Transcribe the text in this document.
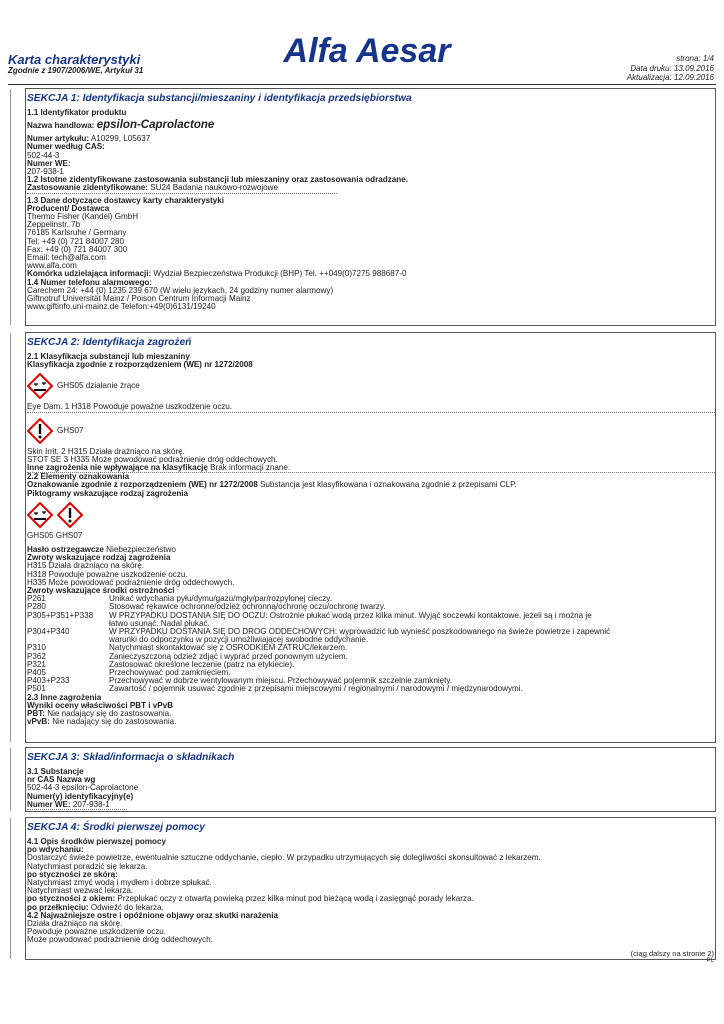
Karta charakterystyki
Zgodnie z 1907/2006/WE, Artykuł 31
Alfa Aesar	strona: 1/4
Data druku: 13.09.2016
Aktualizacja: 12.09.2016
SEKCJA 1: Identyfikacja substancji/mieszaniny i identyfikacja przedsiębiorstwa
1.1 Identyfikator produktu
Nazwa handlowa: epsilon-Caprolactone
Numer artykułu: A10299, L05637
Numer według CAS:
502-44-3
Numer WE:
207-938-1
1.2 Istotne zidentyfikowane zastosowania substancji lub mieszaniny oraz zastosowania odradzane.
Zastosowanie zidentyfikowane: SU24 Badania naukowo-rozwojowe
1.3 Dane dotyczące dostawcy karty charakterystyki
Producent/ Dostawca
Thermo Fisher (Kandel) GmbH
Zeppelinstr. 7b
76185 Karlsruhe / Germany
Tel: +49 (0) 721 84007 280
Fax: +49 (0) 721 84007 300
Email: tech@alfa.com
www.alfa.com
Komórka udzielająca informacji: Wydział Bezpieczeństwa Produkcji (BHP) Tel. ++049(0)7275 988687-0
1.4 Numer telefonu alarmowego:
Carechem 24: +44 (0) 1235 239 670 (W wielu językach, 24 godziny numer alarmowy)
Giftnotruf Universität Mainz / Poison Centrum Informacji Mainz
www.giftinfo.uni-mainz.de Telefon:+49(0)6131/19240
SEKCJA 2: Identyfikacja zagrożeń
2.1 Klasyfikacja substancji lub mieszaniny
Klasyfikacja zgodnie z rozporządzeniem (WE) nr 1272/2008
GHS05 działanie żrące
Eye Dam. 1 H318 Powoduje poważne uszkodzenie oczu.
GHS07
Skin Irrit. 2 H315 Działa drażniąco na skórę.
STOT SE 3 H335 Może powodować podrażnienie dróg oddechowych.
Inne zagrożenia nie wpływające na klasyfikację Brak informacji znane.
2.2 Elementy oznakowania
Oznakowanie zgodnie z rozporządzeniem (WE) nr 1272/2008 Substancja jest klasyfikowana i oznakowana zgodnie z przepisami CLP.
Piktogramy wskazujące rodzaj zagrożenia
GHS05 GHS07
Hasło ostrzegawcze Niebezpieczeństwo
Zwroty wskazujące rodzaj zagrożenia
H315 Działa drażniąco na skórę.
H318 Powoduje poważne uszkodzenie oczu.
H335 Może powodować podrażnienie dróg oddechowych.
Zwroty wskazujące środki ostrożności
P261	Unikać wdychania pyłu/dymu/gazu/mgły/par/rozpylonej cieczy.
P280	Stosować rękawice ochronne/odzież ochronną/ochronę oczu/ochronę twarzy.
P305+P351+P338	W PRZYPADKU DOSTANIA SIĘ DO OCZU: Ostrożnie płukać wodą przez kilka minut. Wyjąć soczewki kontaktowe, jeżeli są i można je
łatwo usunąć. Nadal płukać.
P304+P340	W PRZYPADKU DOSTANIA SIĘ DO DRÓG ODDECHOWYCH: wyprowadzić lub wynieść poszkodowanego na świeże powietrze i zapewnić
warunki do odpoczynku w pozycji umożliwiającej swobodne oddychanie.
P310	Natychmiast skontaktować się z OŚRODKIEM ZATRUĆ/lekarzem.
P362	Zanieczyszczoną odzież zdjąć i wyprać przed ponownym użyciem.
P321	Zastosować określone leczenie (patrz na etykiecie).
P405	Przechowywać pod zamknięciem.
P403+P233	Przechowywać w dobrze wentylowanym miejscu. Przechowywać pojemnik szczelnie zamknięty.
P501	Zawartość / pojemnik usuwać zgodnie z przepisami miejscowymi / regionalnymi / narodowymi / międzynarodowymi.
2.3 Inne zagrożenia
Wyniki oceny właściwości PBT i vPvB
PBT: Nie nadający się do zastosowania.
vPvB: Nie nadający się do zastosowania.
SEKCJA 3: Skład/informacja o składnikach
3.1 Substancje
nr CAS Nazwa wg
502-44-3 epsilon-Caprolactone
Numer(y) identyfikacyjny(e)
Numer WE: 207-938-1
SEKCJA 4: Środki pierwszej pomocy
4.1 Opis środków pierwszej pomocy
po wdychaniu:
Dostarczyć świeże powietrze, ewentualnie sztuczne oddychanie, ciepło. W przypadku utrzymujących się dolegliwości skonsultować z lekarzem.
Natychmiast poradzić się lekarza.
po styczności ze skórą:
Natychmiast zmyć wodą i mydłem i dobrze spłukać.
Natychmiast wezwać lekarza.
po styczności z okiem: Przepłukać oczy z otwartą powieką przez kilka minut pod bieżącą wodą i zasięgnąć porady lekarza.
po przełknięciu: Odwieźć do lekarza.
4.2 Najważniejsze ostre i opóźnione objawy oraz skutki narażenia
Działa drażniąco na skórę.
Powoduje poważne uszkodzenie oczu.
Może powodować podrażnienie dróg oddechowych.
(ciąg dalszy na stronie 2)
PL
